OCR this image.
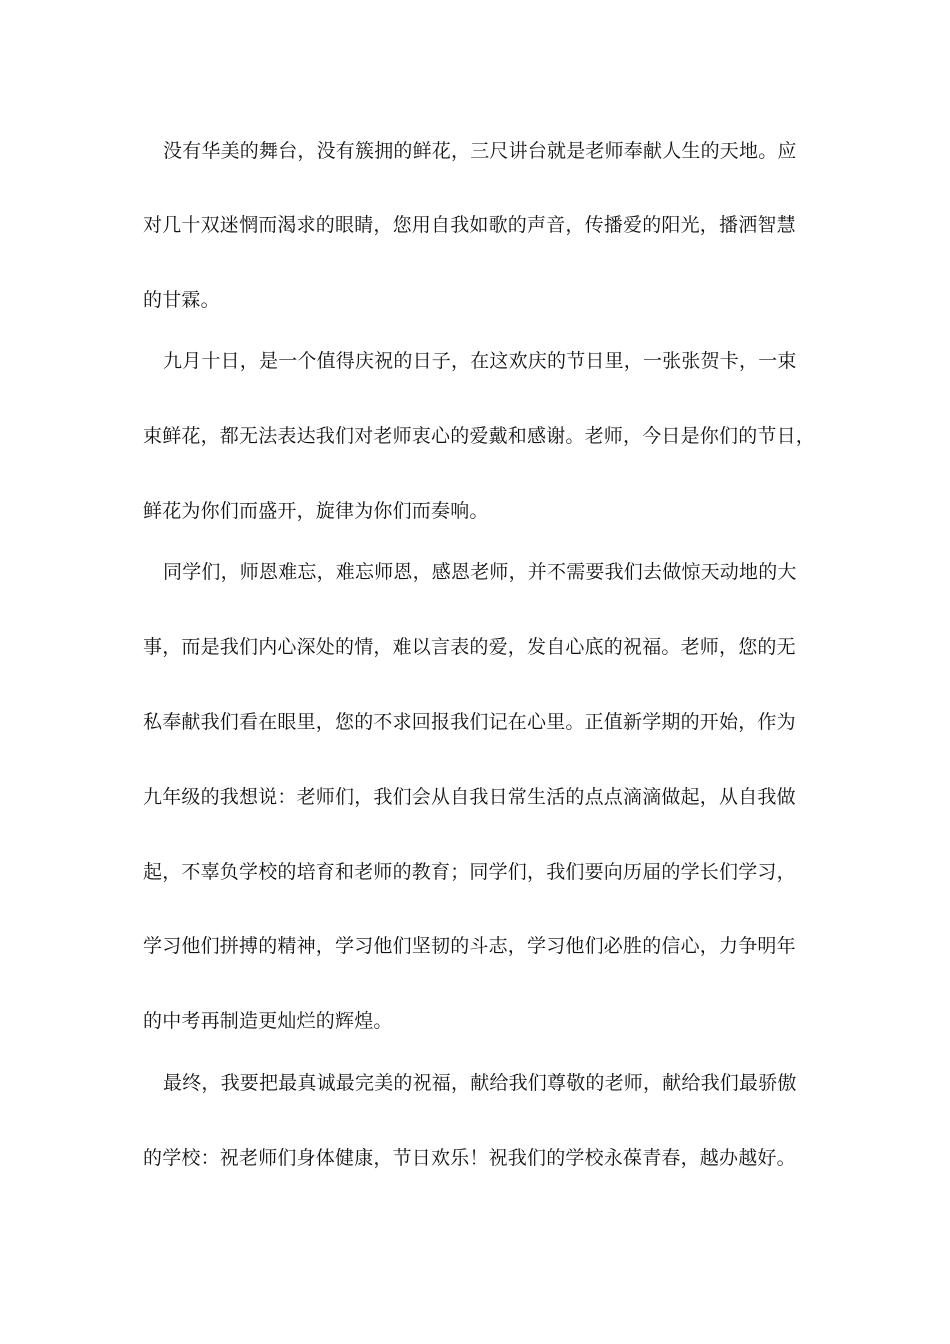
没有华美的舞台，没有簇拥的鲜花，三尺讲台就是老师奉献人生的天地。应
对几十双迷惘而渴求的眼睛，您用自我如歌的声音，传播爱的阳光，播洒智慧
的甘霖。
九月十日，是一个值得庆祝的日子，在这欢庆的节日里，一张张贺卡，一束
束鲜花，都无法表达我们对老师衷心的爱戴和感谢。老师，今日是你们的节日，
鲜花为你们而盛开，旋律为你们而奏响。
同学们，师恩难忘，难忘师恩，感恩老师，并不需要我们去做惊天动地的大
事，而是我们内心深处的情，难以言表的爱，发自心底的祝福。老师，您的无
私奉献我们看在眼里，您的不求回报我们记在心里。正值新学期的开始，作为
九年级的我想说：老师们，我们会从自我日常生活的点点滴滴做起，从自我做
起，不辜负学校的培育和老师的教育；同学们，我们要向历届的学长们学习，
学习他们拼搏的精神，学习他们坚韧的斗志，学习他们必胜的信心，力争明年
的中考再制造更灿烂的辉煌。
最终，我要把最真诚最完美的祝福，献给我们尊敬的老师，献给我们最骄傲
的学校：祝老师们身体健康，节日欢乐！祝我们的学校永葆青春，越办越好。
